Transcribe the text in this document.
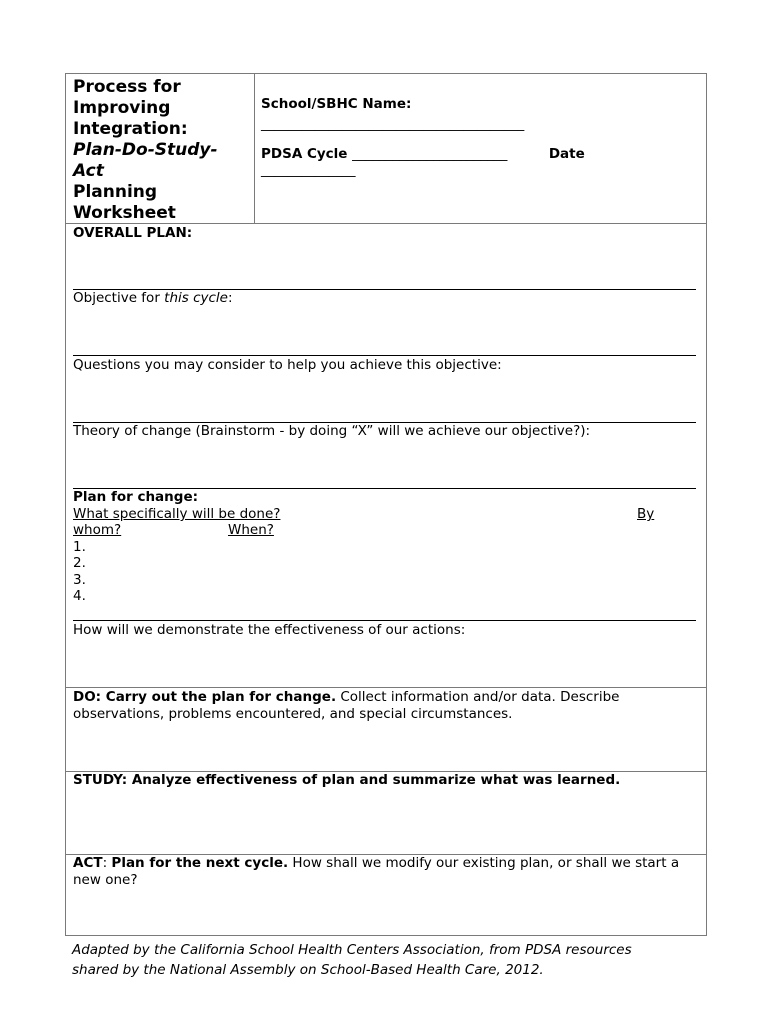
Process for
Improving
Integration:
Plan-Do-Study-
Act
Planning
Worksheet
School/SBHC Name:
_______________________________________
PDSA Cycle _______________________	Date
______________
OVERALL PLAN:
Objective for this cycle:
Questions you may consider to help you achieve this objective:
Theory of change (Brainstorm - by doing “X” will we achieve our objective?):
Plan for change:
What specifically will be done?	By
whom?	When?
1.
2.
3.
4.
How will we demonstrate the effectiveness of our actions:
DO: Carry out the plan for change. Collect information and/or data. Describe
observations, problems encountered, and special circumstances.
STUDY: Analyze effectiveness of plan and summarize what was learned.
ACT: Plan for the next cycle. How shall we modify our existing plan, or shall we start a
new one?
Adapted by the California School Health Centers Association, from PDSA resources
shared by the National Assembly on School-Based Health Care, 2012.
